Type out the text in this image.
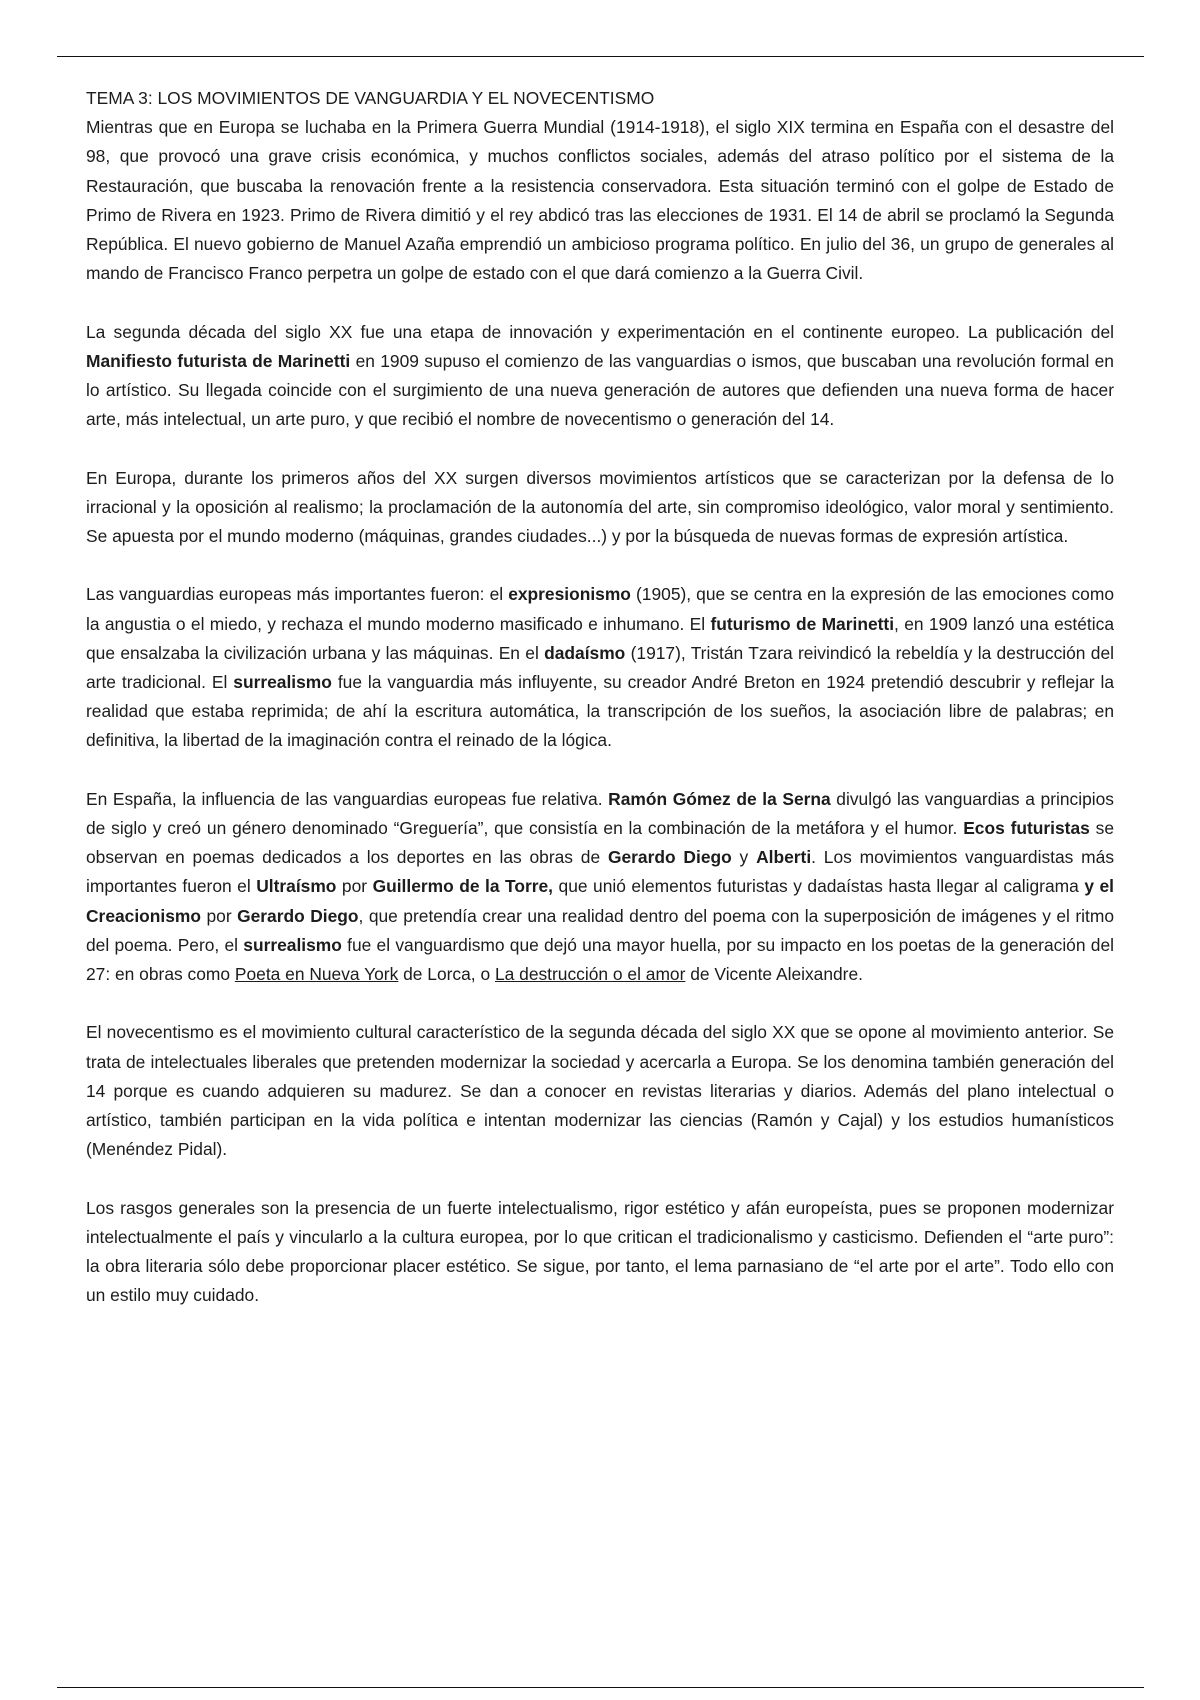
TEMA 3: LOS MOVIMIENTOS DE VANGUARDIA Y EL NOVECENTISMO

Mientras que en Europa se luchaba en la Primera Guerra Mundial (1914-1918), el siglo XIX termina en España con el desastre del 98, que provocó una grave crisis económica, y muchos conflictos sociales, además del atraso político por el sistema de la Restauración, que buscaba la renovación frente a la resistencia conservadora. Esta situación terminó con el golpe de Estado de Primo de Rivera en 1923. Primo de Rivera dimitió y el rey abdicó tras las elecciones de 1931. El 14 de abril se proclamó la Segunda República. El nuevo gobierno de Manuel Azaña emprendió un ambicioso programa político. En julio del 36, un grupo de generales al mando de Francisco Franco perpetra un golpe de estado con el que dará comienzo a la Guerra Civil.

La segunda década del siglo XX fue una etapa de innovación y experimentación en el continente europeo. La publicación del Manifiesto futurista de Marinetti en 1909 supuso el comienzo de las vanguardias o ismos, que buscaban una revolución formal en lo artístico. Su llegada coincide con el surgimiento de una nueva generación de autores que defienden una nueva forma de hacer arte, más intelectual, un arte puro, y que recibió el nombre de novecentismo o generación del 14.

En Europa, durante los primeros años del XX surgen diversos movimientos artísticos que se caracterizan por la defensa de lo irracional y la oposición al realismo; la proclamación de la autonomía del arte, sin compromiso ideológico, valor moral y sentimiento. Se apuesta por el mundo moderno (máquinas, grandes ciudades...) y por la búsqueda de nuevas formas de expresión artística.

Las vanguardias europeas más importantes fueron: el expresionismo (1905), que se centra en la expresión de las emociones como la angustia o el miedo, y rechaza el mundo moderno masificado e inhumano. El futurismo de Marinetti, en 1909 lanzó una estética que ensalzaba la civilización urbana y las máquinas. En el dadaísmo (1917), Tristán Tzara reivindicó la rebeldía y la destrucción del arte tradicional. El surrealismo fue la vanguardia más influyente, su creador André Breton en 1924 pretendió descubrir y reflejar la realidad que estaba reprimida; de ahí la escritura automática, la transcripción de los sueños, la asociación libre de palabras; en definitiva, la libertad de la imaginación contra el reinado de la lógica.

En España, la influencia de las vanguardias europeas fue relativa. Ramón Gómez de la Serna divulgó las vanguardias a principios de siglo y creó un género denominado “Greguería”, que consistía en la combinación de la metáfora y el humor. Ecos futuristas se observan en poemas dedicados a los deportes en las obras de Gerardo Diego y Alberti. Los movimientos vanguardistas más importantes fueron el Ultraísmo por Guillermo de la Torre, que unió elementos futuristas y dadaístas hasta llegar al caligrama y el Creacionismo por Gerardo Diego, que pretendía crear una realidad dentro del poema con la superposición de imágenes y el ritmo del poema. Pero, el surrealismo fue el vanguardismo que dejó una mayor huella, por su impacto en los poetas de la generación del 27: en obras como Poeta en Nueva York de Lorca, o La destrucción o el amor de Vicente Aleixandre.

El novecentismo es el movimiento cultural característico de la segunda década del siglo XX que se opone al movimiento anterior. Se trata de intelectuales liberales que pretenden modernizar la sociedad y acercarla a Europa. Se los denomina también generación del 14 porque es cuando adquieren su madurez. Se dan a conocer en revistas literarias y diarios. Además del plano intelectual o artístico, también participan en la vida política e intentan modernizar las ciencias (Ramón y Cajal) y los estudios humanísticos (Menéndez Pidal).

Los rasgos generales son la presencia de un fuerte intelectualismo, rigor estético y afán europeísta, pues se proponen modernizar intelectualmente el país y vincularlo a la cultura europea, por lo que critican el tradicionalismo y casticismo. Defienden el “arte puro”: la obra literaria sólo debe proporcionar placer estético. Se sigue, por tanto, el lema parnasiano de “el arte por el arte”. Todo ello con un estilo muy cuidado.
